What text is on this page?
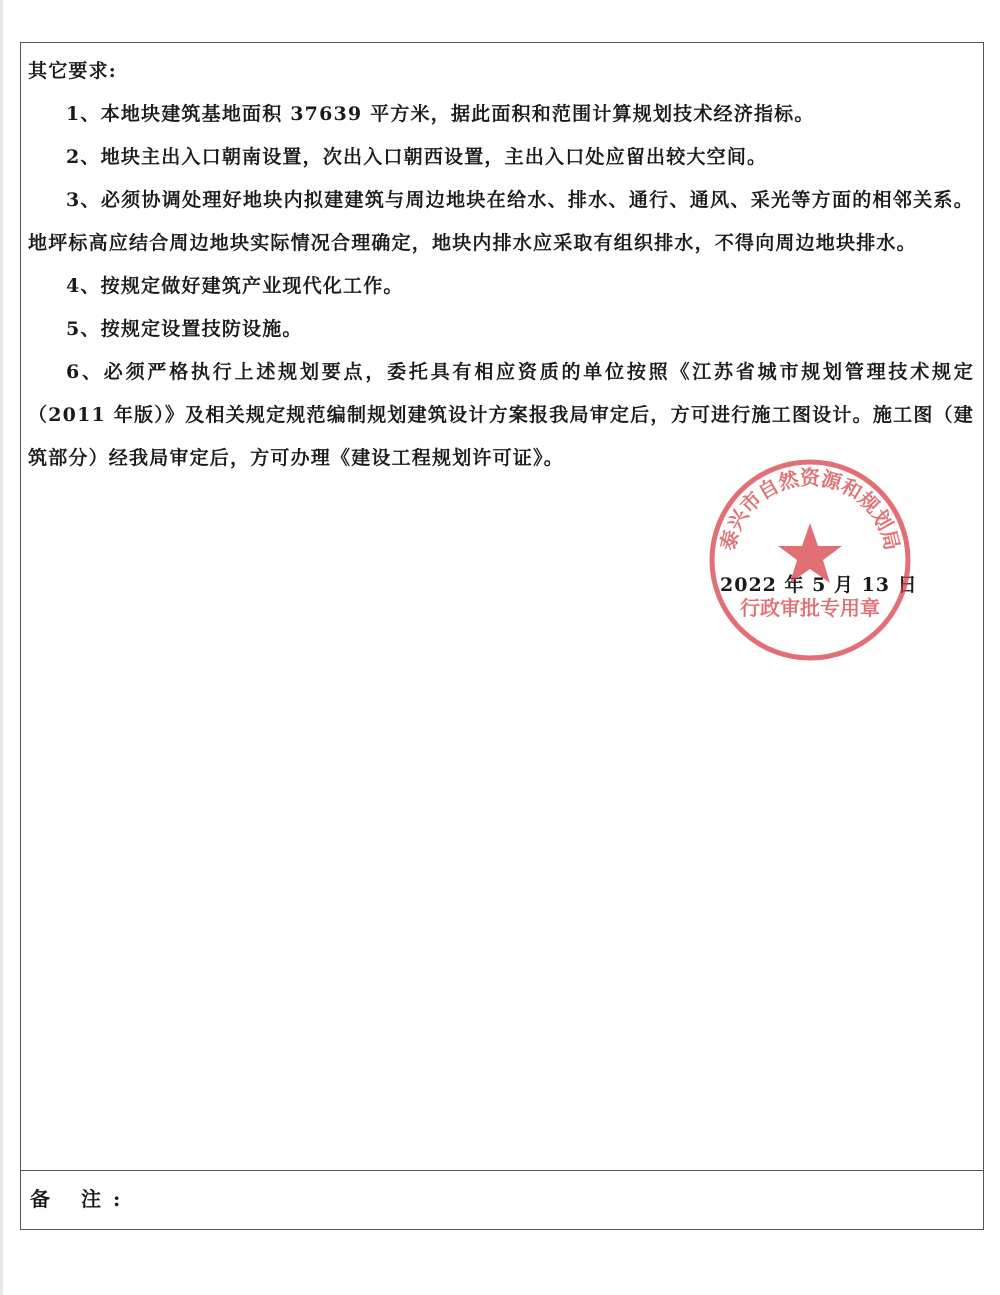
其它要求:

1、本地块建筑基地面积 37639 平方米，据此面积和范围计算规划技术经济指标。

2、地块主出入口朝南设置，次出入口朝西设置，主出入口处应留出较大空间。

3、必须协调处理好地块内拟建建筑与周边地块在给水、排水、通行、通风、采光等方面的相邻关系。地坪标高应结合周边地块实际情况合理确定，地块内排水应采取有组织排水，不得向周边地块排水。

4、按规定做好建筑产业现代化工作。

5、按规定设置技防设施。

6、必须严格执行上述规划要点，委托具有相应资质的单位按照《江苏省城市规划管理技术规定（2011 年版）》及相关规定规范编制规划建筑设计方案报我局审定后，方可进行施工图设计。施工图（建筑部分）经我局审定后，方可办理《建设工程规划许可证》。

2022 年 5 月 13 日
泰兴市自然资源和规划局
行政审批专用章
备 注:
